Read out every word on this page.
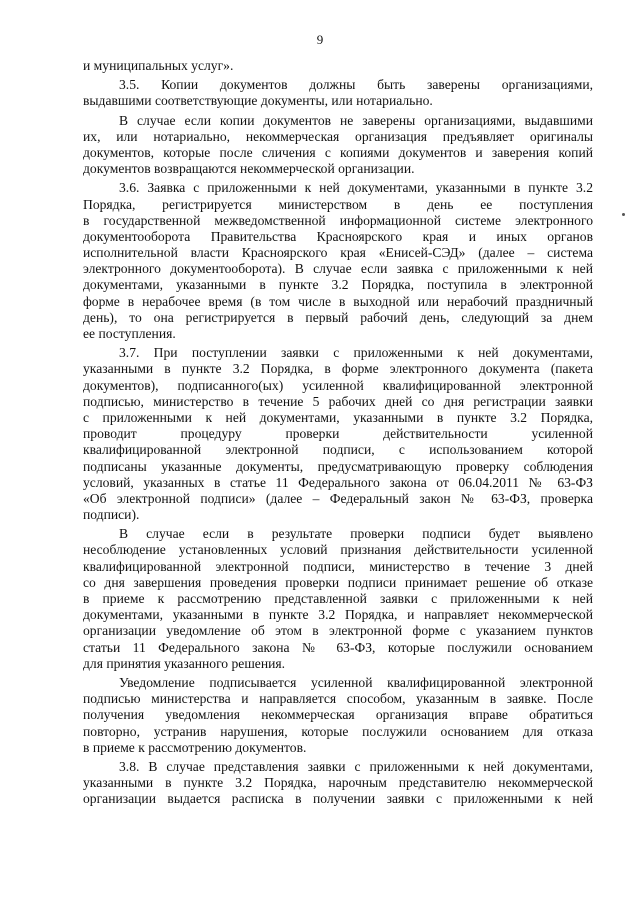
9
и муниципальных услуг».
3.5. Копии документов должны быть заверены организациями,
выдавшими соответствующие документы, или нотариально.
В случае если копии документов не заверены организациями, выдавшими
их, или нотариально, некоммерческая организация предъявляет оригиналы
документов, которые после сличения с копиями документов и заверения копий
документов возвращаются некоммерческой организации.
3.6. Заявка с приложенными к ней документами, указанными в пункте 3.2
Порядка, регистрируется министерством в день ее поступления
в государственной межведомственной информационной системе электронного
документооборота Правительства Красноярского края и иных органов
исполнительной власти Красноярского края «Енисей-СЭД» (далее – система
электронного документооборота). В случае если заявка с приложенными к ней
документами, указанными в пункте 3.2 Порядка, поступила в электронной
форме в нерабочее время (в том числе в выходной или нерабочий праздничный
день), то она регистрируется в первый рабочий день, следующий за днем
ее поступления.
3.7. При поступлении заявки с приложенными к ней документами,
указанными в пункте 3.2 Порядка, в форме электронного документа (пакета
документов), подписанного(ых) усиленной квалифицированной электронной
подписью, министерство в течение 5 рабочих дней со дня регистрации заявки
с приложенными к ней документами, указанными в пункте 3.2 Порядка,
проводит процедуру проверки действительности усиленной
квалифицированной электронной подписи, с использованием которой
подписаны указанные документы, предусматривающую проверку соблюдения
условий, указанных в статье 11 Федерального закона от 06.04.2011 № 63-ФЗ
«Об электронной подписи» (далее – Федеральный закон № 63-ФЗ, проверка
подписи).
В случае если в результате проверки подписи будет выявлено
несоблюдение установленных условий признания действительности усиленной
квалифицированной электронной подписи, министерство в течение 3 дней
со дня завершения проведения проверки подписи принимает решение об отказе
в приеме к рассмотрению представленной заявки с приложенными к ней
документами, указанными в пункте 3.2 Порядка, и направляет некоммерческой
организации уведомление об этом в электронной форме с указанием пунктов
статьи 11 Федерального закона № 63-ФЗ, которые послужили основанием
для принятия указанного решения.
Уведомление подписывается усиленной квалифицированной электронной
подписью министерства и направляется способом, указанным в заявке. После
получения уведомления некоммерческая организация вправе обратиться
повторно, устранив нарушения, которые послужили основанием для отказа
в приеме к рассмотрению документов.
3.8. В случае представления заявки с приложенными к ней документами,
указанными в пункте 3.2 Порядка, нарочным представителю некоммерческой
организации выдается расписка в получении заявки с приложенными к ней
